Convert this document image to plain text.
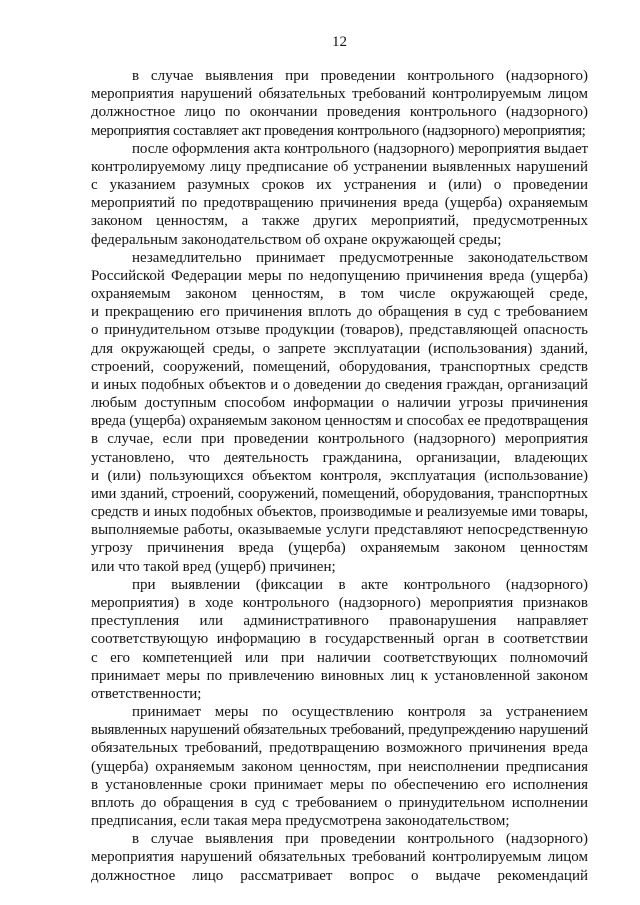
12
в случае выявления при проведении контрольного (надзорного)
мероприятия нарушений обязательных требований контролируемым лицом
должностное лицо по окончании проведения контрольного (надзорного)
мероприятия составляет акт проведения контрольного (надзорного) мероприятия;
после оформления акта контрольного (надзорного) мероприятия выдает
контролируемому лицу предписание об устранении выявленных нарушений
с указанием разумных сроков их устранения и (или) о проведении
мероприятий по предотвращению причинения вреда (ущерба) охраняемым
законом ценностям, а также других мероприятий, предусмотренных
федеральным законодательством об охране окружающей среды;
незамедлительно принимает предусмотренные законодательством
Российской Федерации меры по недопущению причинения вреда (ущерба)
охраняемым законом ценностям, в том числе окружающей среде,
и прекращению его причинения вплоть до обращения в суд с требованием
о принудительном отзыве продукции (товаров), представляющей опасность
для окружающей среды, о запрете эксплуатации (использования) зданий,
строений, сооружений, помещений, оборудования, транспортных средств
и иных подобных объектов и о доведении до сведения граждан, организаций
любым доступным способом информации о наличии угрозы причинения
вреда (ущерба) охраняемым законом ценностям и способах ее предотвращения
в случае, если при проведении контрольного (надзорного) мероприятия
установлено, что деятельность гражданина, организации, владеющих
и (или) пользующихся объектом контроля, эксплуатация (использование)
ими зданий, строений, сооружений, помещений, оборудования, транспортных
средств и иных подобных объектов, производимые и реализуемые ими товары,
выполняемые работы, оказываемые услуги представляют непосредственную
угрозу причинения вреда (ущерба) охраняемым законом ценностям
или что такой вред (ущерб) причинен;
при выявлении (фиксации в акте контрольного (надзорного)
мероприятия) в ходе контрольного (надзорного) мероприятия признаков
преступления или административного правонарушения направляет
соответствующую информацию в государственный орган в соответствии
с его компетенцией или при наличии соответствующих полномочий
принимает меры по привлечению виновных лиц к установленной законом
ответственности;
принимает меры по осуществлению контроля за устранением
выявленных нарушений обязательных требований, предупреждению нарушений
обязательных требований, предотвращению возможного причинения вреда
(ущерба) охраняемым законом ценностям, при неисполнении предписания
в установленные сроки принимает меры по обеспечению его исполнения
вплоть до обращения в суд с требованием о принудительном исполнении
предписания, если такая мера предусмотрена законодательством;
в случае выявления при проведении контрольного (надзорного)
мероприятия нарушений обязательных требований контролируемым лицом
должностное лицо рассматривает вопрос о выдаче рекомендаций
